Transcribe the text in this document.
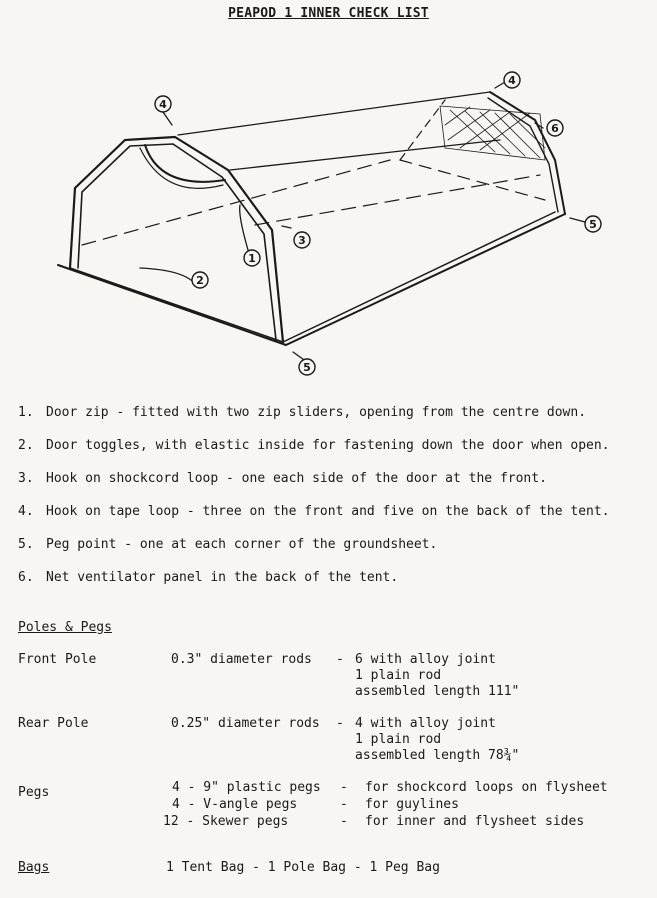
PEAPOD 1 INNER CHECK LIST
4
4
6
3
1
2
5
5
1. Door zip - fitted with two zip sliders, opening from the centre down.
2. Door toggles, with elastic inside for fastening down the door when open.
3. Hook on shockcord loop - one each side of the door at the front.
4. Hook on tape loop - three on the front and five on the back of the tent.
5. Peg point - one at each corner of the groundsheet.
6. Net ventilator panel in the back of the tent.
Poles & Pegs
Front Pole	0.3" diameter rods - 6 with alloy joint
1 plain rod
assembled length 111"
Rear Pole	0.25" diameter rods - 4 with alloy joint
1 plain rod
assembled length 78¾"
Pegs	4 - 9" plastic pegs - for shockcord loops on flysheet
4 - V-angle pegs	- for guylines
12 - Skewer pegs	- for inner and flysheet sides
Bags	1 Tent Bag - 1 Pole Bag - 1 Peg Bag
